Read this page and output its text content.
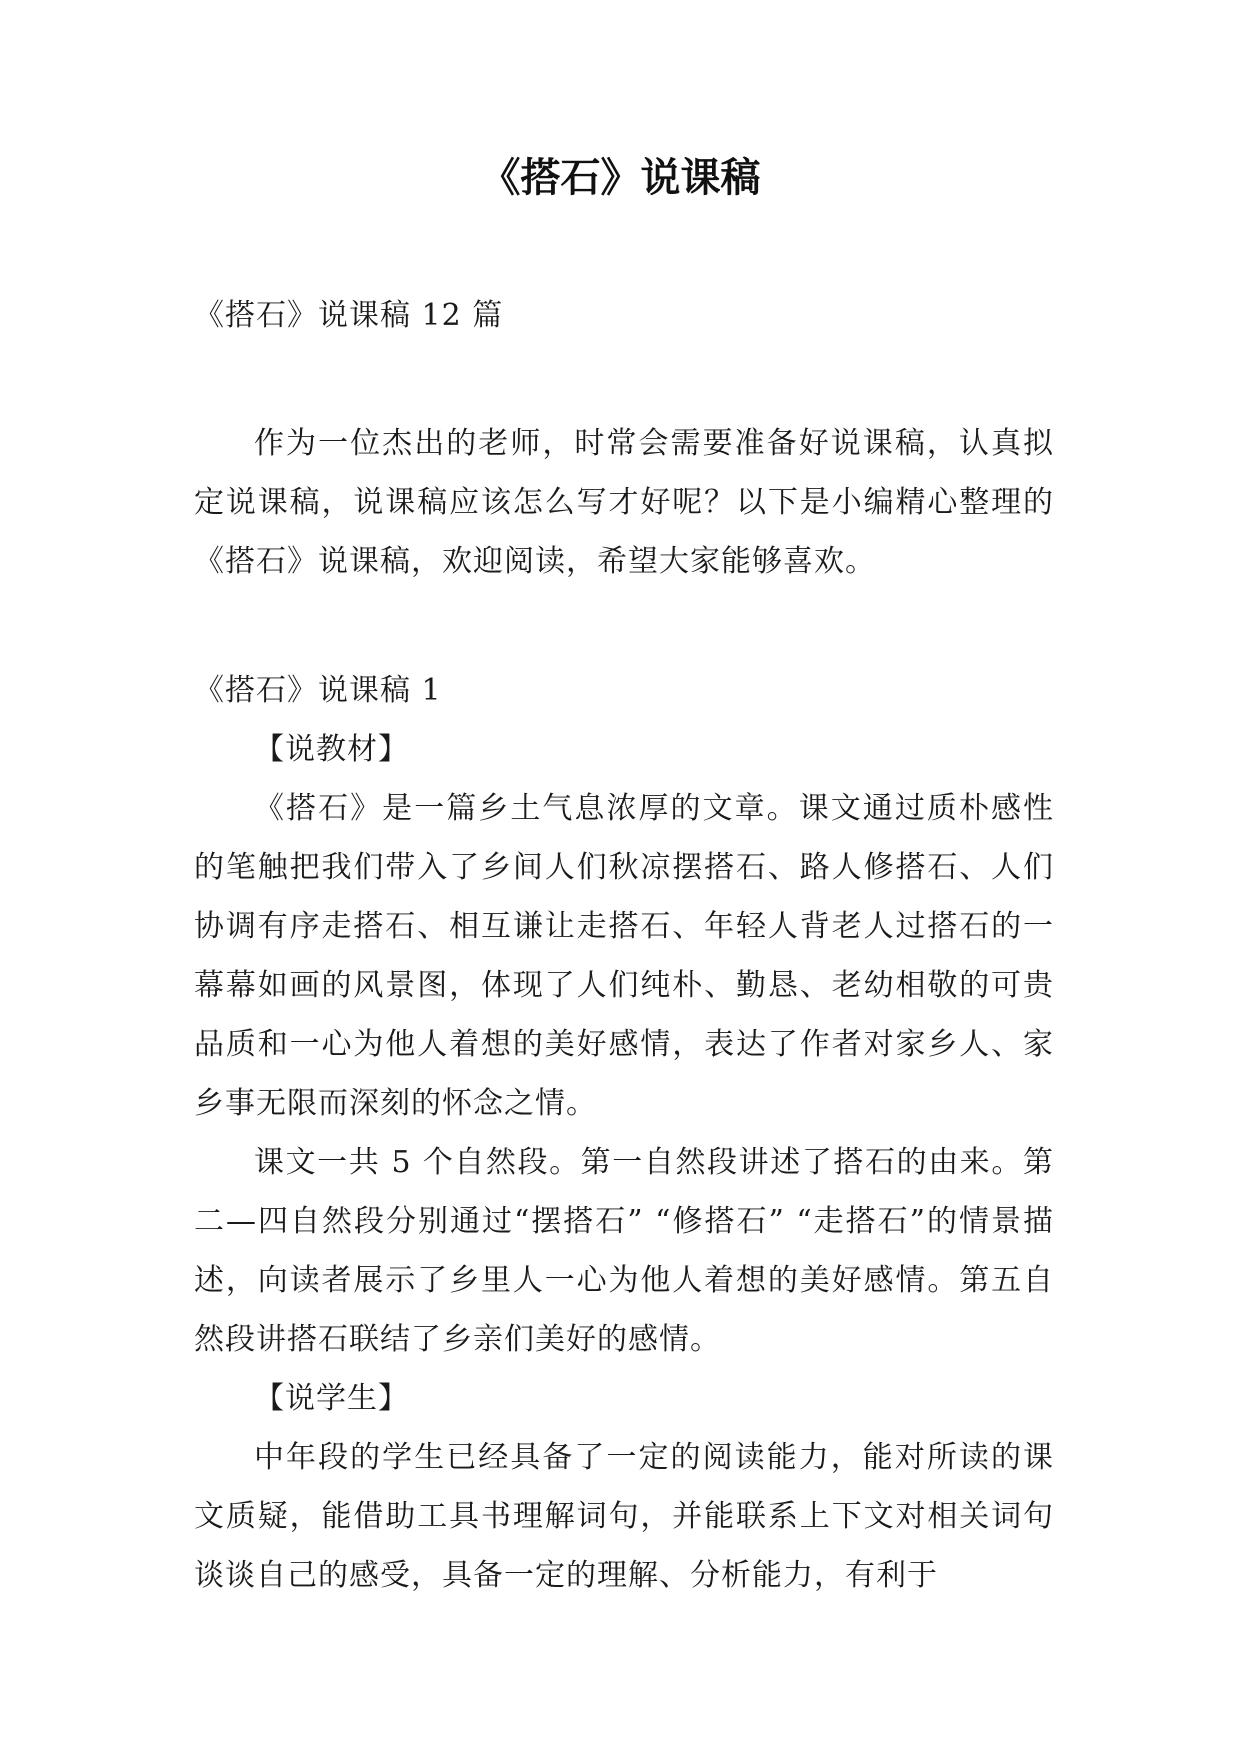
《搭石》说课稿

《搭石》说课稿 12 篇

作为一位杰出的老师，时常会需要准备好说课稿，认真拟定说课稿，说课稿应该怎么写才好呢？以下是小编精心整理的《搭石》说课稿，欢迎阅读，希望大家能够喜欢。

《搭石》说课稿 1

【说教材】

《搭石》是一篇乡土气息浓厚的文章。课文通过质朴感性的笔触把我们带入了乡间人们秋凉摆搭石、路人修搭石、人们协调有序走搭石、相互谦让走搭石、年轻人背老人过搭石的一幕幕如画的风景图，体现了人们纯朴、勤恳、老幼相敬的可贵品质和一心为他人着想的美好感情，表达了作者对家乡人、家乡事无限而深刻的怀念之情。

课文一共 5 个自然段。第一自然段讲述了搭石的由来。第二—四自然段分别通过“摆搭石” “修搭石” “走搭石”的情景描述，向读者展示了乡里人一心为他人着想的美好感情。第五自然段讲搭石联结了乡亲们美好的感情。

【说学生】

中年段的学生已经具备了一定的阅读能力，能对所读的课文质疑，能借助工具书理解词句，并能联系上下文对相关词句谈谈自己的感受，具备一定的理解、分析能力，有利于
